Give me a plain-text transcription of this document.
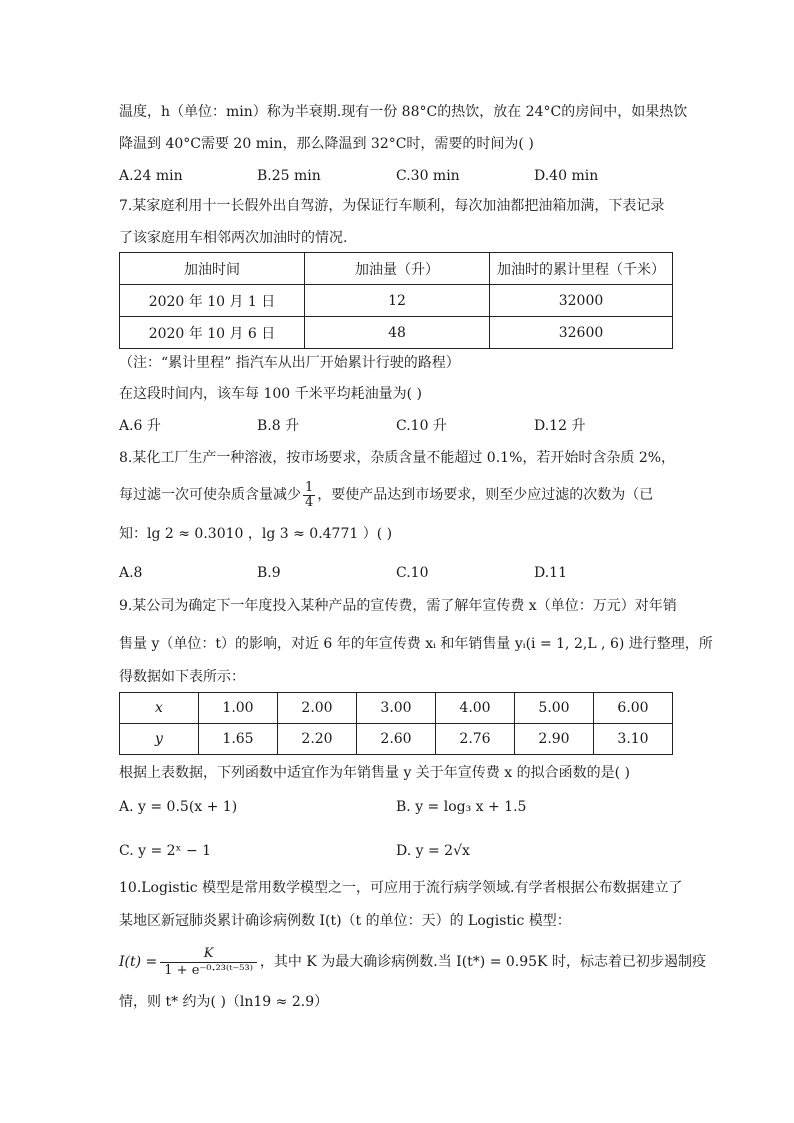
温度，h（单位：min）称为半衰期.现有一份 88°C的热饮，放在 24°C的房间中，如果热饮
降温到 40°C需要 20 min，那么降温到 32°C时，需要的时间为( )
A.24 min	B.25 min	C.30 min	D.40 min
7.某家庭利用十一长假外出自驾游，为保证行车顺利，每次加油都把油箱加满，下表记录
了该家庭用车相邻两次加油时的情况.
加油时间	加油量（升）	加油时的累计里程（千米）
2020 年 10 月 1 日	12	32000
2020 年 10 月 6 日	48	32600
（注：“累计里程” 指汽车从出厂开始累计行驶的路程）
在这段时间内，该车每 100 千米平均耗油量为( )
A.6 升	B.8 升	C.10 升	D.12 升
8.某化工厂生产一种溶液，按市场要求，杂质含量不能超过 0.1%，若开始时含杂质 2%，
每过滤一次可使杂质含量减少 $\frac{1}{4}$ ，要使产品达到市场要求，则至少应过滤的次数为（已
知：lg 2 ≈ 0.3010 ，lg 3 ≈ 0.4771 ）( )
A.8	B.9	C.10	D.11
9.某公司为确定下一年度投入某种产品的宣传费，需了解年宣传费 x（单位：万元）对年销
售量 y（单位：t）的影响，对近 6 年的年宣传费 xᵢ 和年销售量 yᵢ(i = 1, 2,L , 6) 进行整理，所
得数据如下表所示：
x	1.00	2.00	3.00	4.00	5.00	6.00
y	1.65	2.20	2.60	2.76	2.90	3.10
根据上表数据，下列函数中适宜作为年销售量 y 关于年宣传费 x 的拟合函数的是( )
A. y = 0.5(x + 1)	B. y = log₃ x + 1.5
C. y = 2ˣ − 1	D. y = 2√x
10.Logistic 模型是常用数学模型之一，可应用于流行病学领域.有学者根据公布数据建立了
某地区新冠肺炎累计确诊病例数 I(t)（t 的单位：天）的 Logistic 模型：
$I(t) = \frac{K}{\text{1 + e⁻⁰·²³⁽ᵗ⁻⁵³⁾}}$ ，其中 K 为最大确诊病例数.当 I(t*) = 0.95K 时，标志着已初步遏制疫
情，则 t* 约为( )（ln19 ≈ 2.9）
